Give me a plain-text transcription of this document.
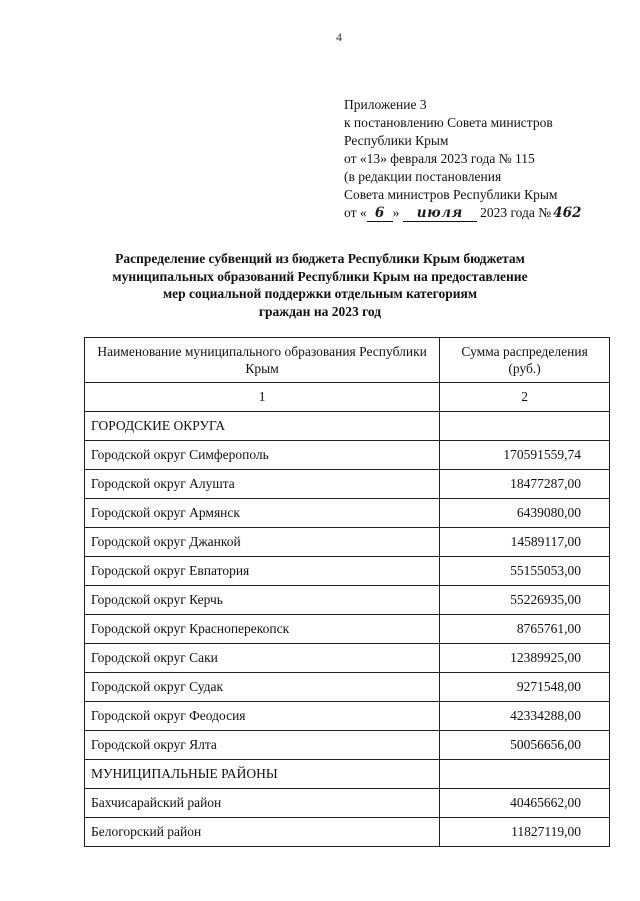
4
Приложение 3
к постановлению Совета министров
Республики Крым
от «13» февраля 2023 года № 115
(в редакции постановления
Совета министров Республики Крым
от « 6 » июля 2023 года № 462
Распределение субвенций из бюджета Республики Крым бюджетам
муниципальных образований Республики Крым на предоставление
мер социальной поддержки отдельным категориям
граждан на 2023 год
Наименование муниципального образования Республики Крым	Сумма распределения (руб.)
1	2
ГОРОДСКИЕ ОКРУГА	
Городской округ Симферополь	170591559,74
Городской округ Алушта	18477287,00
Городской округ Армянск	6439080,00
Городской округ Джанкой	14589117,00
Городской округ Евпатория	55155053,00
Городской округ Керчь	55226935,00
Городской округ Красноперекопск	8765761,00
Городской округ Саки	12389925,00
Городской округ Судак	9271548,00
Городской округ Феодосия	42334288,00
Городской округ Ялта	50056656,00
МУНИЦИПАЛЬНЫЕ РАЙОНЫ	
Бахчисарайский район	40465662,00
Белогорский район	11827119,00
